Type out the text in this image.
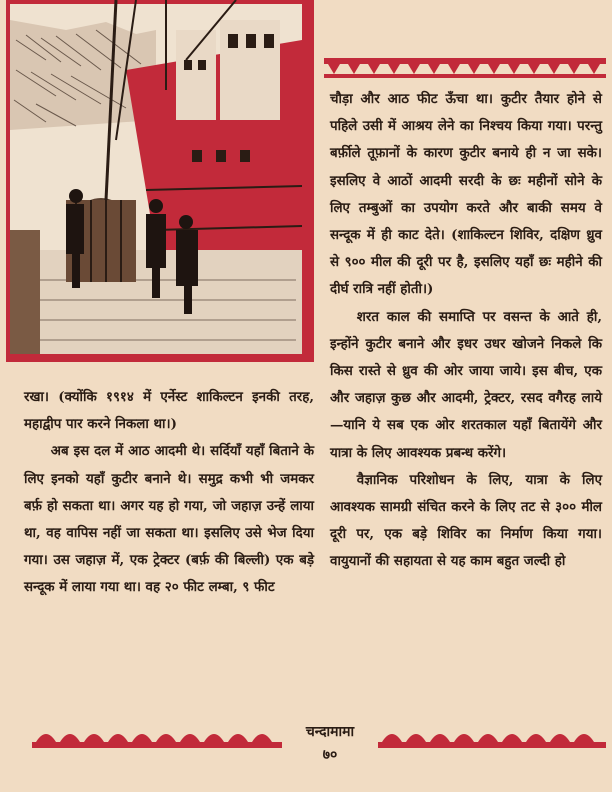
चौड़ा और आठ फीट ऊँचा था। कुटीर तैयार होने से पहिले उसी में आश्रय लेने का निश्चय किया गया। परन्तु बर्फ़ीले तूफ़ानों के कारण कुटीर बनाये ही न जा सके। इसलिए वे आठों आदमी सरदी के छः महीनों सोने के लिए तम्बुओं का उपयोग करते और बाकी समय वे सन्दूक में ही काट देते। (शाकिल्टन शिविर, दक्षिण ध्रुव से ९०० मील की दूरी पर है, इसलिए यहाँ छः महीने की दीर्घ रात्रि नहीं होती।)

शरत काल की समाप्ति पर वसन्त के आते ही, इन्होंने कुटीर बनाने और इधर उधर खोजने निकले कि किस रास्ते से ध्रुव की ओर जाया जाये। इस बीच, एक और जहाज़ कुछ और आदमी, ट्रेक्टर, रसद वगैरह लाये—यानि ये सब एक ओर शरतकाल यहाँ बितायेंगे और यात्रा के लिए आवश्यक प्रबन्ध करेंगे।

वैज्ञानिक परिशोधन के लिए, यात्रा के लिए आवश्यक सामग्री संचित करने के लिए तट से ३०० मील दूरी पर, एक बड़े शिविर का निर्माण किया गया। वायुयानों की सहायता से यह काम बहुत जल्दी हो

रखा। (क्योंकि १९१४ में एर्नेस्ट शाकिल्टन इनकी तरह, महाद्वीप पार करने निकला था।)

अब इस दल में आठ आदमी थे। सर्दियाँ यहाँ बिताने के लिए इनको यहाँ कुटीर बनाने थे। समुद्र कभी भी जमकर बर्फ़ हो सकता था। अगर यह हो गया, जो जहाज़ उन्हें लाया था, वह वापिस नहीं जा सकता था। इसलिए उसे भेज दिया गया। उस जहाज़ में, एक ट्रेक्टर (बर्फ़ की बिल्ली) एक बड़े सन्दूक में लाया गया था। वह २० फीट लम्बा, ९ फीट

चन्दामामा
७०
